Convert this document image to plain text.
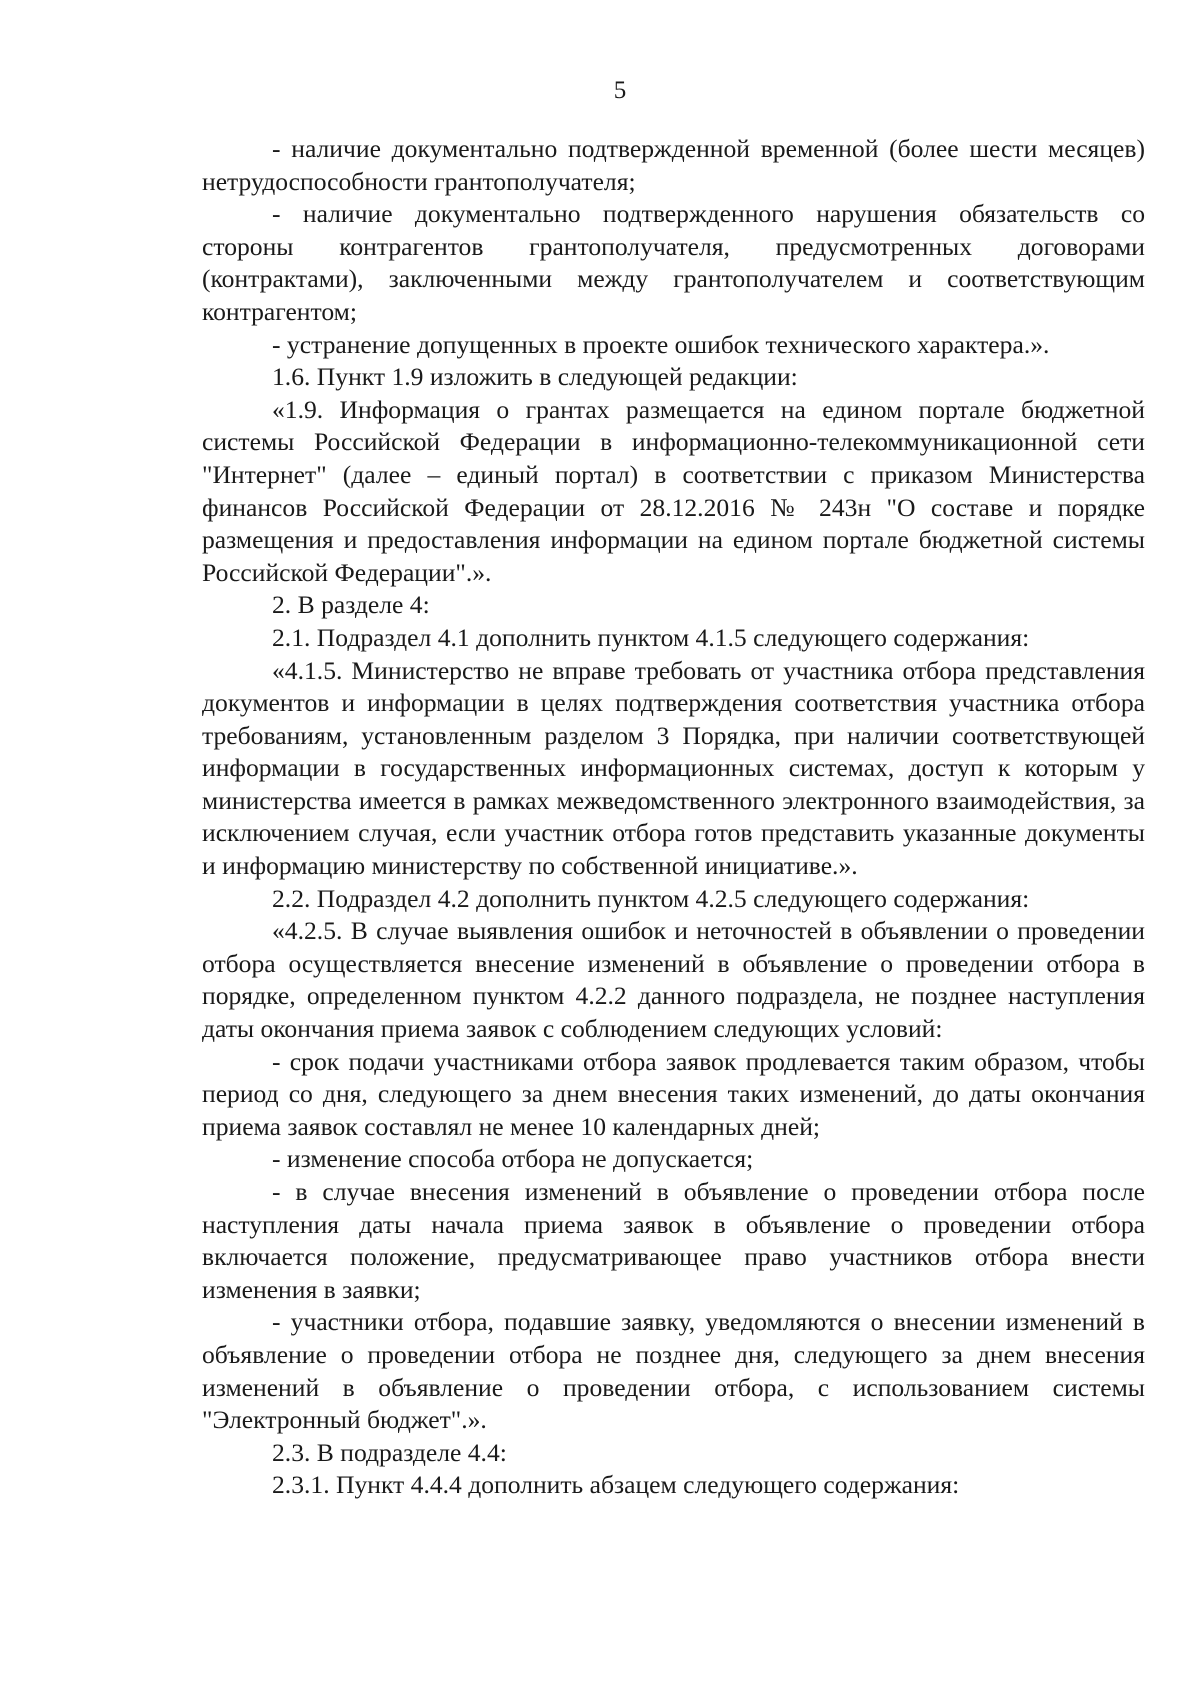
5

- наличие документально подтвержденной временной (более шести месяцев) нетрудоспособности грантополучателя;

- наличие документально подтвержденного нарушения обязательств со стороны контрагентов грантополучателя, предусмотренных договорами (контрактами), заключенными между грантополучателем и соответствующим контрагентом;

- устранение допущенных в проекте ошибок технического характера.».

1.6. Пункт 1.9 изложить в следующей редакции:

«1.9. Информация о грантах размещается на едином портале бюджетной системы Российской Федерации в информационно-телекоммуникационной сети "Интернет" (далее – единый портал) в соответствии с приказом Министерства финансов Российской Федерации от 28.12.2016 № 243н "О составе и порядке размещения и предоставления информации на едином портале бюджетной системы Российской Федерации".».

2. В разделе 4:

2.1. Подраздел 4.1 дополнить пунктом 4.1.5 следующего содержания:

«4.1.5. Министерство не вправе требовать от участника отбора представления документов и информации в целях подтверждения соответствия участника отбора требованиям, установленным разделом 3 Порядка, при наличии соответствующей информации в государственных информационных системах, доступ к которым у министерства имеется в рамках межведомственного электронного взаимодействия, за исключением случая, если участник отбора готов представить указанные документы и информацию министерству по собственной инициативе.».

2.2. Подраздел 4.2 дополнить пунктом 4.2.5 следующего содержания:

«4.2.5. В случае выявления ошибок и неточностей в объявлении о проведении отбора осуществляется внесение изменений в объявление о проведении отбора в порядке, определенном пунктом 4.2.2 данного подраздела, не позднее наступления даты окончания приема заявок с соблюдением следующих условий:

- срок подачи участниками отбора заявок продлевается таким образом, чтобы период со дня, следующего за днем внесения таких изменений, до даты окончания приема заявок составлял не менее 10 календарных дней;

- изменение способа отбора не допускается;

- в случае внесения изменений в объявление о проведении отбора после наступления даты начала приема заявок в объявление о проведении отбора включается положение, предусматривающее право участников отбора внести изменения в заявки;

- участники отбора, подавшие заявку, уведомляются о внесении изменений в объявление о проведении отбора не позднее дня, следующего за днем внесения изменений в объявление о проведении отбора, с использованием системы "Электронный бюджет".».

2.3. В подразделе 4.4:

2.3.1. Пункт 4.4.4 дополнить абзацем следующего содержания:
